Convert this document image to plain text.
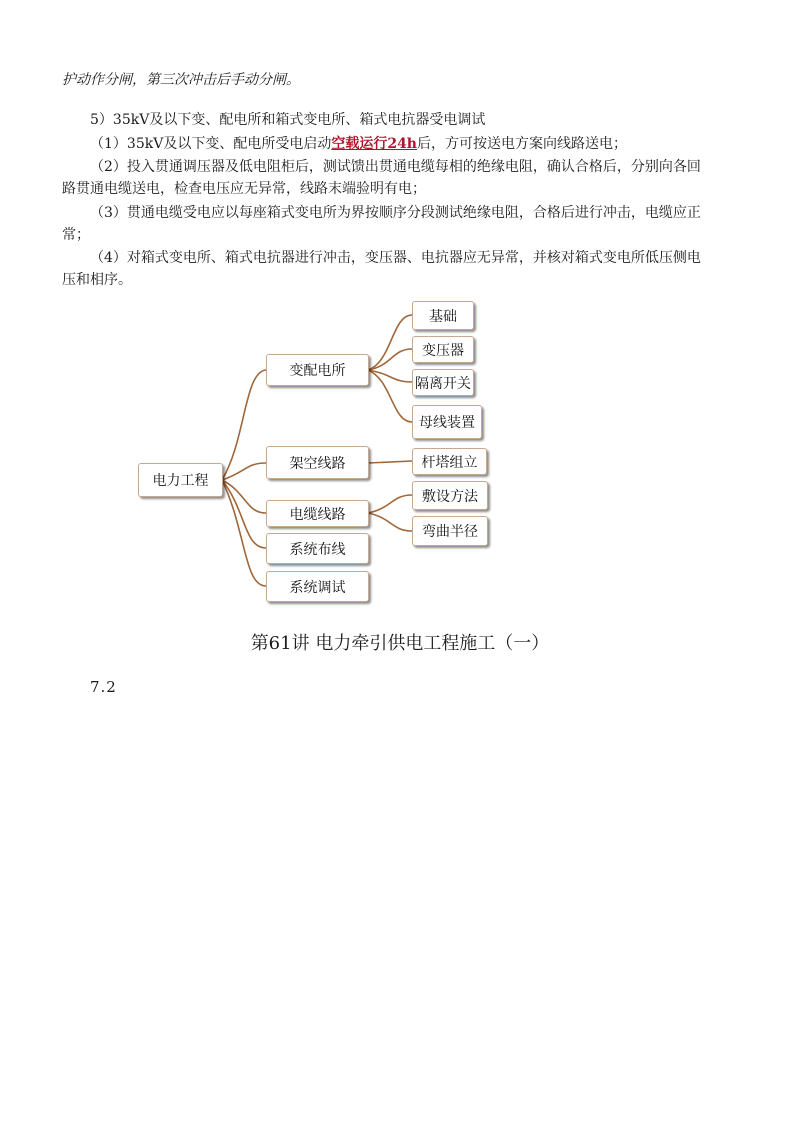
护动作分闸，第三次冲击后手动分闸。
5）35kV及以下变、配电所和箱式变电所、箱式电抗器受电调试
（1）35kV及以下变、配电所受电启动空载运行24h后，方可按送电方案向线路送电；
（2）投入贯通调压器及低电阻柜后，测试馈出贯通电缆每相的绝缘电阻，确认合格后，分别向各回
路贯通电缆送电，检查电压应无异常，线路末端验明有电；
（3）贯通电缆受电应以每座箱式变电所为界按顺序分段测试绝缘电阻，合格后进行冲击，电缆应正
常；
（4）对箱式变电所、箱式电抗器进行冲击，变压器、电抗器应无异常，并核对箱式变电所低压侧电
压和相序。
电力工程
变配电所
架空线路
电缆线路
系统布线
系统调试
基础
变压器
隔离开关
母线装置
杆塔组立
敷设方法
弯曲半径
第61讲 电力牵引供电工程施工（一）
7.2
